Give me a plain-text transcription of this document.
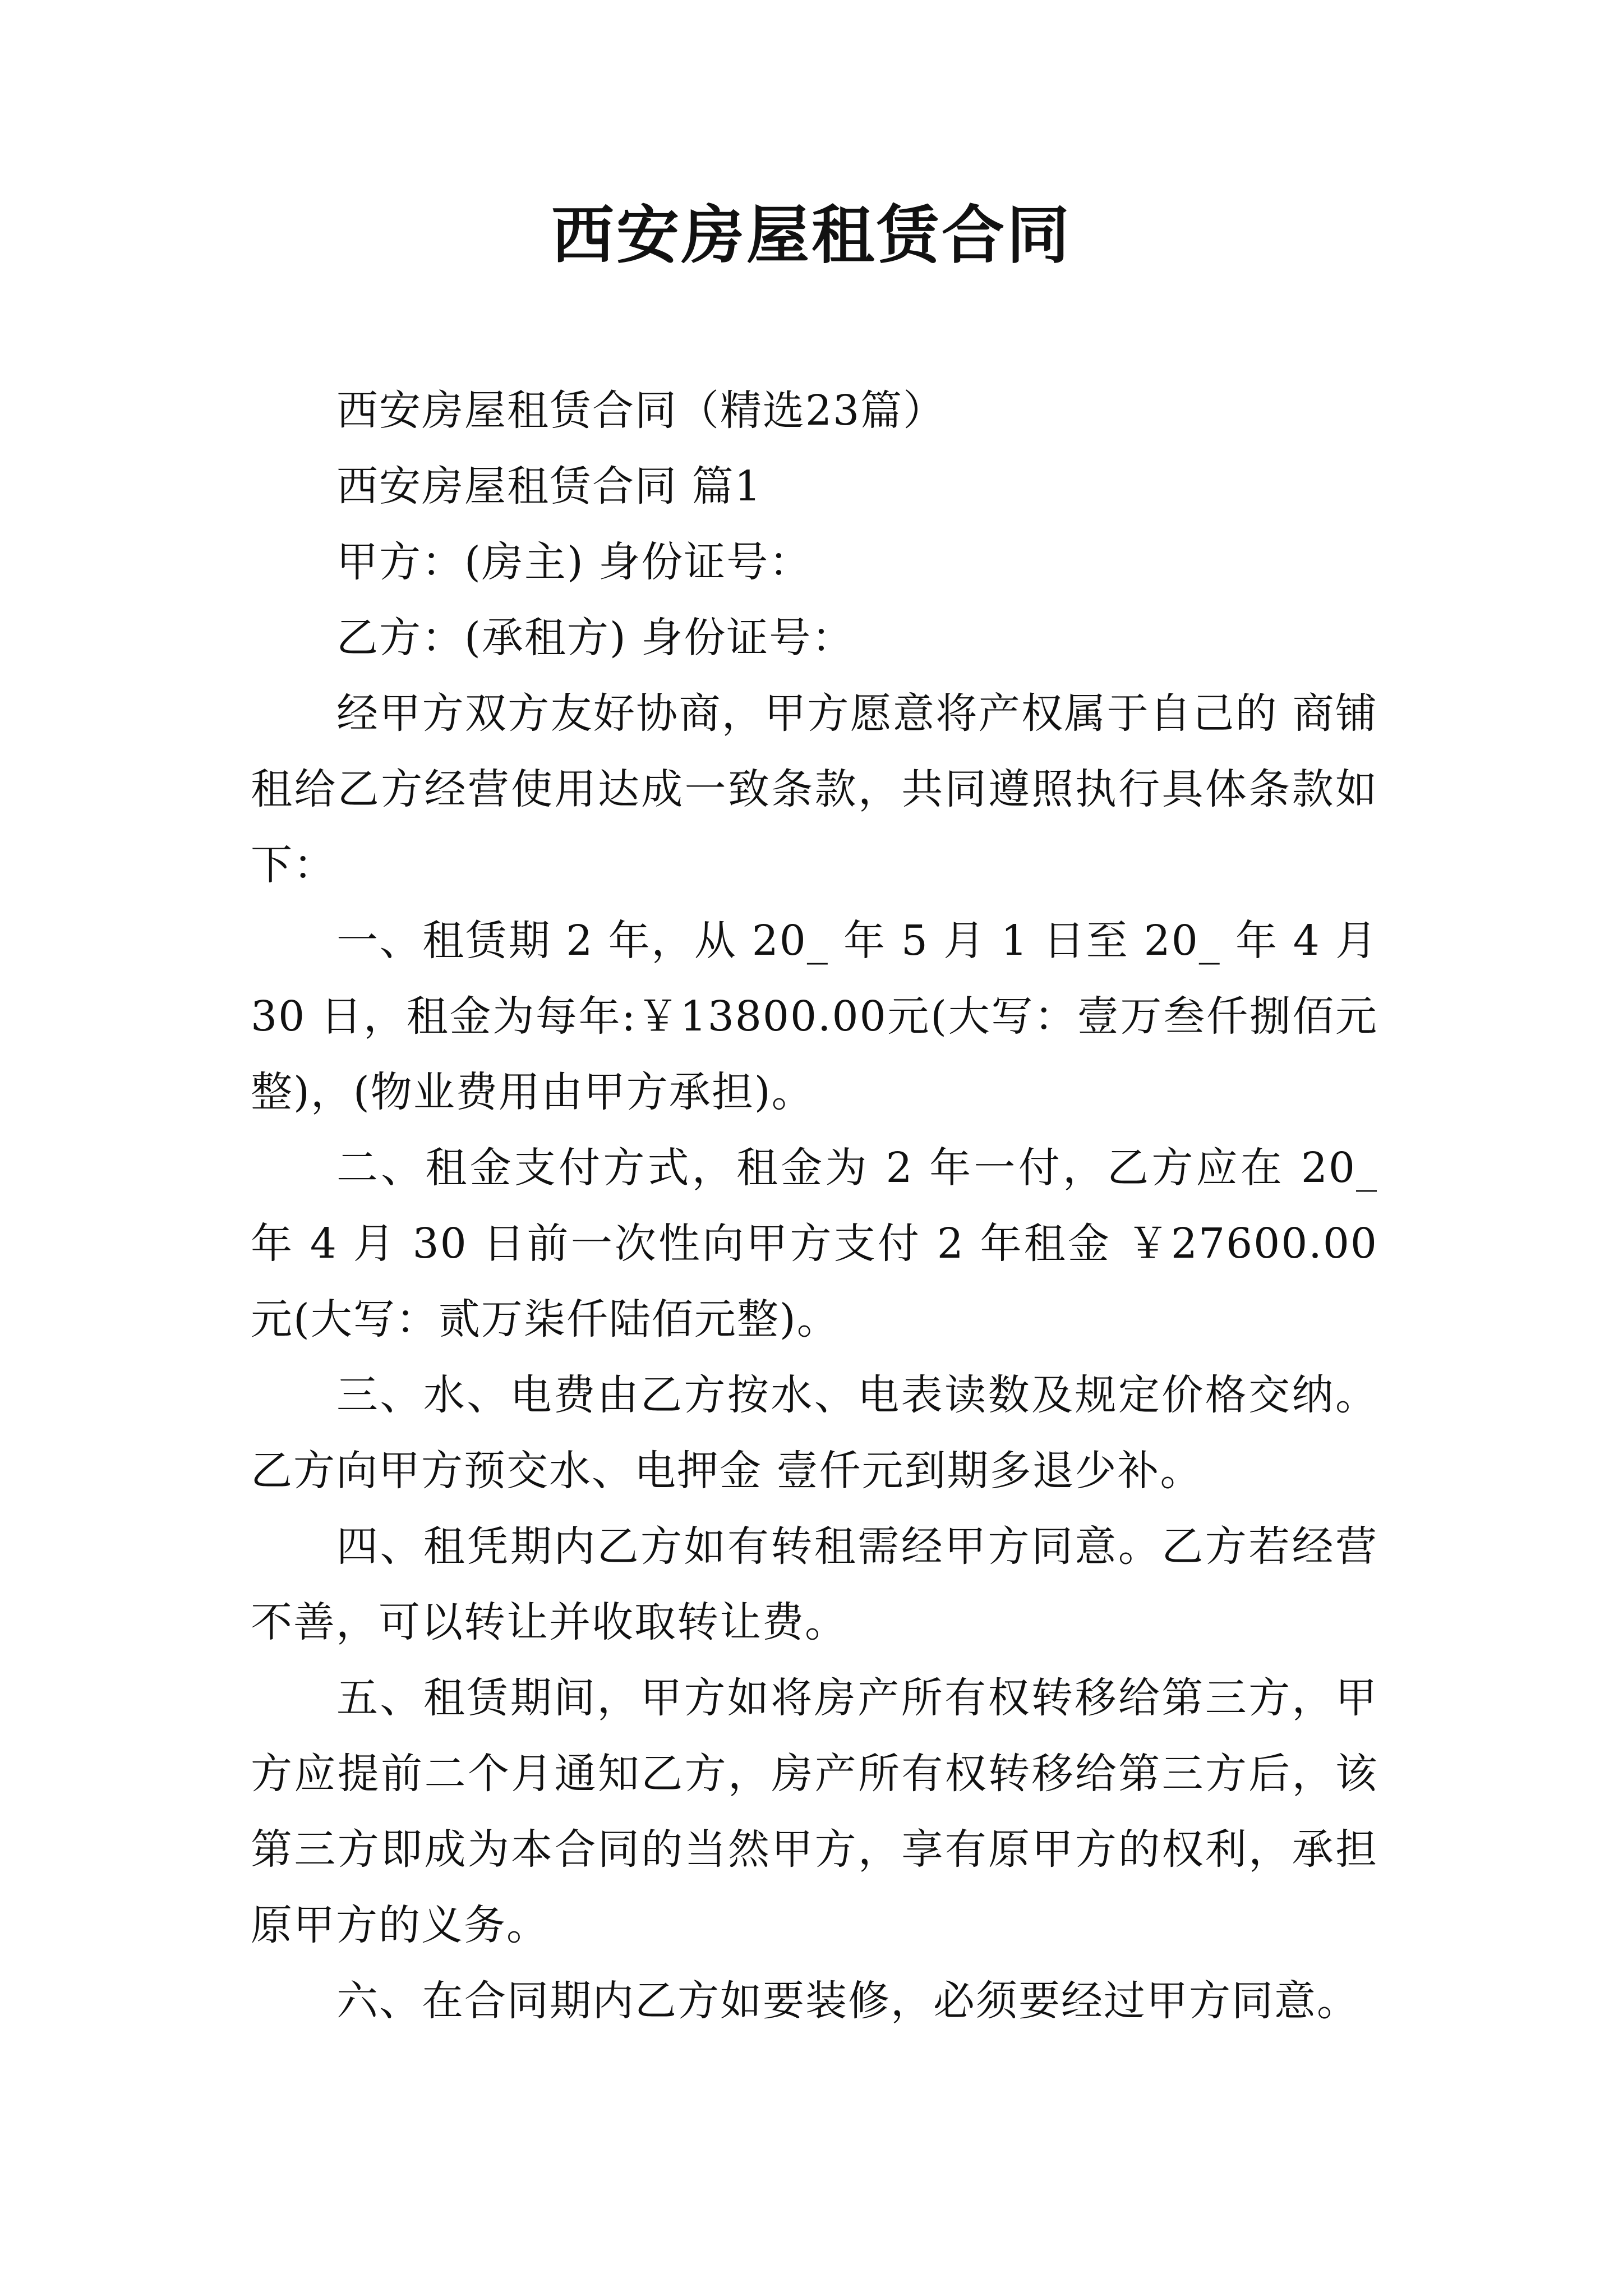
西安房屋租赁合同

西安房屋租赁合同（精选23篇）

西安房屋租赁合同 篇1

甲方：(房主) 身份证号：

乙方：(承租方) 身份证号：

经甲方双方友好协商，甲方愿意将产权属于自己的 商铺租给乙方经营使用达成一致条款，共同遵照执行具体条款如下：

一、租赁期 2 年，从 20_ 年 5 月 1 日至 20_ 年 4 月 30 日，租金为每年:￥13800.00元(大写：壹万叁仟捌佰元整)，(物业费用由甲方承担)。

二、租金支付方式，租金为 2 年一付，乙方应在 20_ 年 4 月 30 日前一次性向甲方支付 2 年租金 ￥27600.00元(大写：贰万柒仟陆佰元整)。

三、水、电费由乙方按水、电表读数及规定价格交纳。乙方向甲方预交水、电押金 壹仟元到期多退少补。

四、租凭期内乙方如有转租需经甲方同意。乙方若经营不善，可以转让并收取转让费。

五、租赁期间，甲方如将房产所有权转移给第三方，甲方应提前二个月通知乙方，房产所有权转移给第三方后，该第三方即成为本合同的当然甲方，享有原甲方的权利，承担原甲方的义务。

六、在合同期内乙方如要装修，必须要经过甲方同意。
